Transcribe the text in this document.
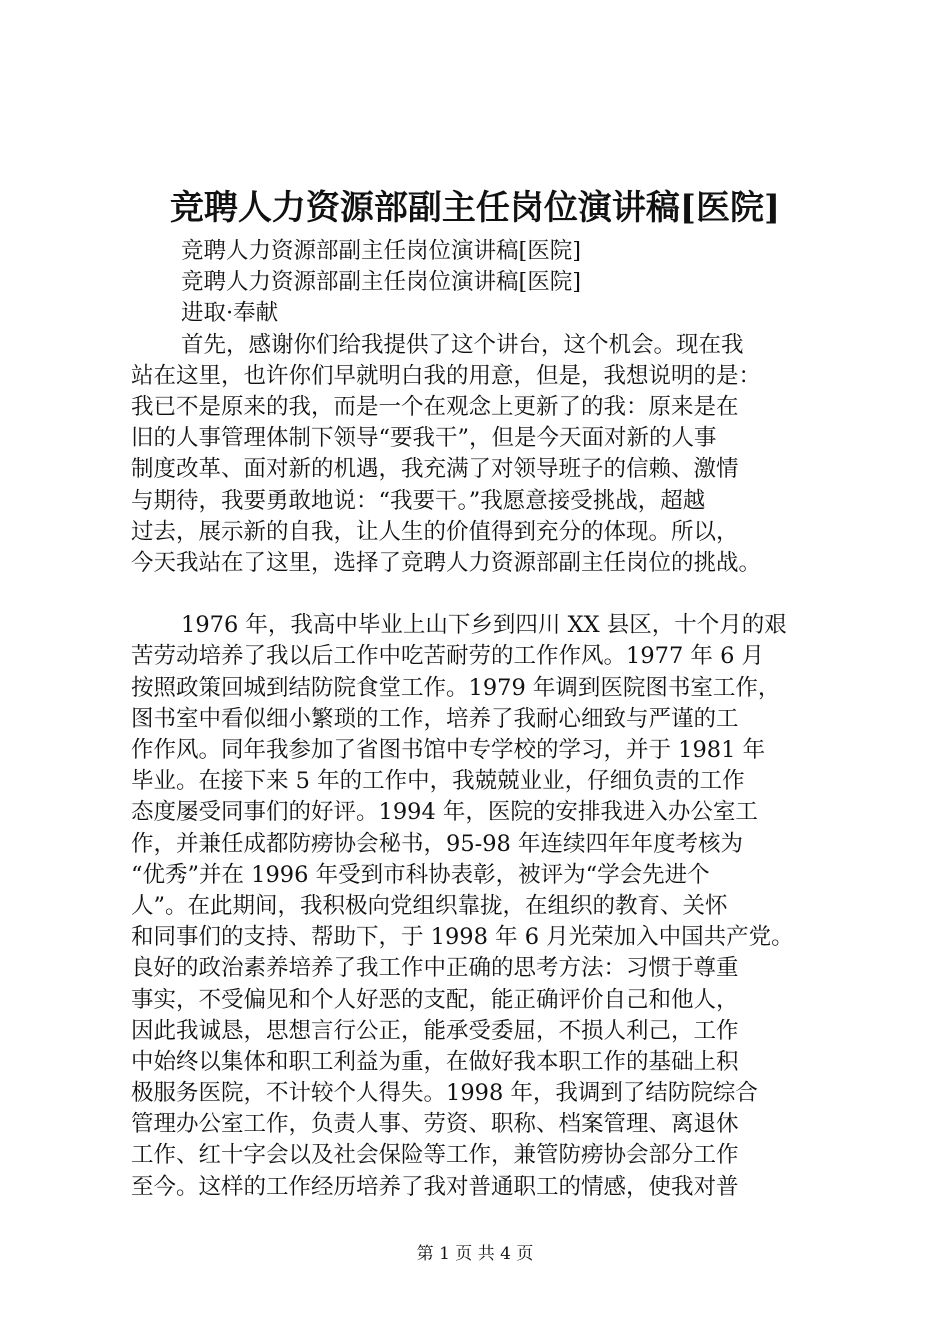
竞聘人力资源部副主任岗位演讲稿[医院]
竞聘人力资源部副主任岗位演讲稿[医院]
竞聘人力资源部副主任岗位演讲稿[医院]
进取·奉献
首先，感谢你们给我提供了这个讲台，这个机会。现在我
站在这里，也许你们早就明白我的用意，但是，我想说明的是：
我已不是原来的我，而是一个在观念上更新了的我：原来是在
旧的人事管理体制下领导“要我干”，但是今天面对新的人事
制度改革、面对新的机遇，我充满了对领导班子的信赖、激情
与期待，我要勇敢地说：“我要干。”我愿意接受挑战，超越
过去，展示新的自我，让人生的价值得到充分的体现。所以，
今天我站在了这里，选择了竞聘人力资源部副主任岗位的挑战。
1976 年，我高中毕业上山下乡到四川 XX 县区，十个月的艰
苦劳动培养了我以后工作中吃苦耐劳的工作作风。1977 年 6 月
按照政策回城到结防院食堂工作。1979 年调到医院图书室工作，
图书室中看似细小繁琐的工作，培养了我耐心细致与严谨的工
作作风。同年我参加了省图书馆中专学校的学习，并于 1981 年
毕业。在接下来 5 年的工作中，我兢兢业业，仔细负责的工作
态度屡受同事们的好评。1994 年，医院的安排我进入办公室工
作，并兼任成都防痨协会秘书，95-98 年连续四年年度考核为
“优秀”并在 1996 年受到市科协表彰，被评为“学会先进个
人”。在此期间，我积极向党组织靠拢，在组织的教育、关怀
和同事们的支持、帮助下，于 1998 年 6 月光荣加入中国共产党。
良好的政治素养培养了我工作中正确的思考方法：习惯于尊重
事实，不受偏见和个人好恶的支配，能正确评价自己和他人，
因此我诚恳，思想言行公正，能承受委屈，不损人利己，工作
中始终以集体和职工利益为重，在做好我本职工作的基础上积
极服务医院，不计较个人得失。1998 年，我调到了结防院综合
管理办公室工作，负责人事、劳资、职称、档案管理、离退休
工作、红十字会以及社会保险等工作，兼管防痨协会部分工作
至今。这样的工作经历培养了我对普通职工的情感，使我对普
第 1 页 共 4 页
